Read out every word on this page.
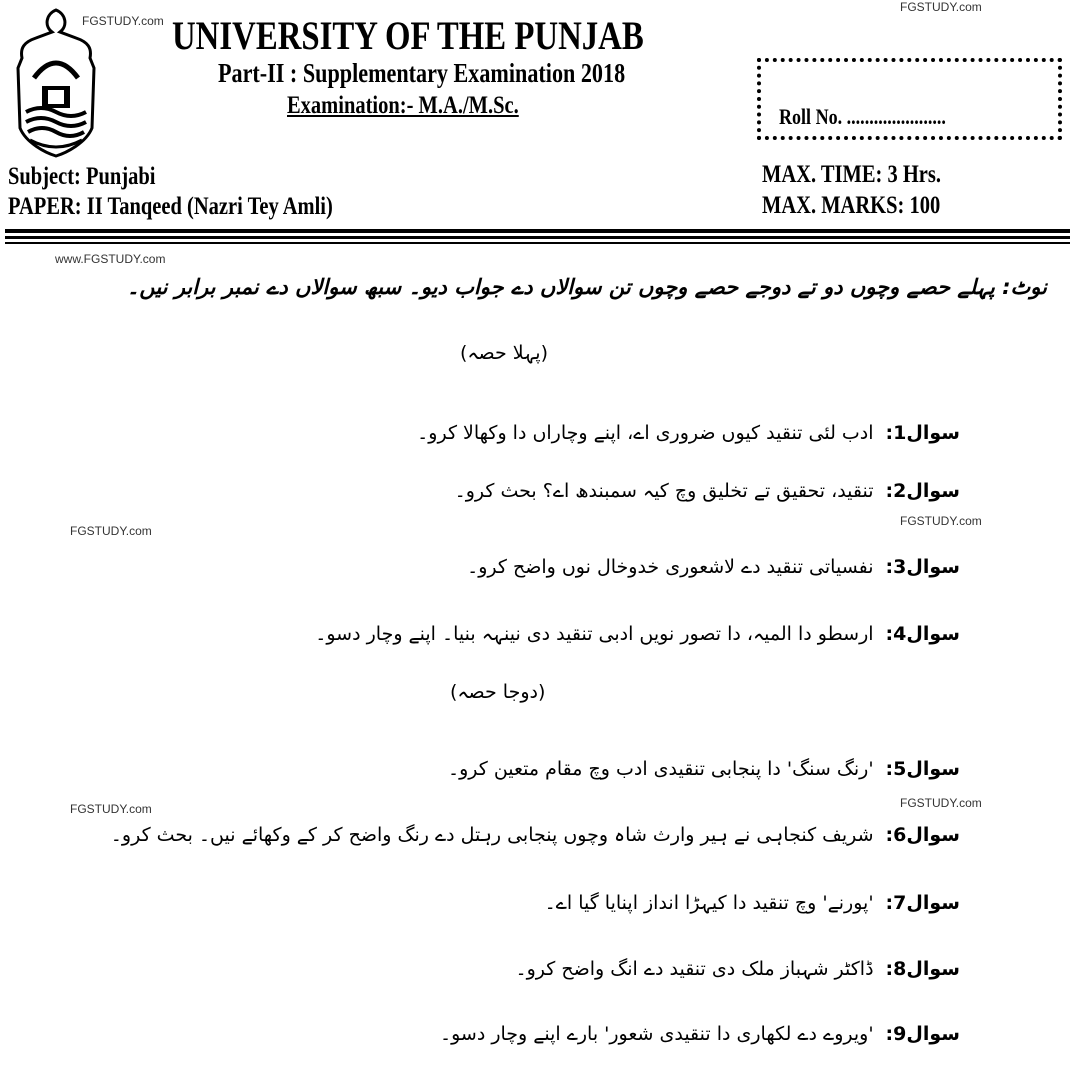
FGSTUDY.com
FGSTUDY.com UNIVERSITY OF THE PUNJAB
Part-II : Supplementary Examination 2018
Examination:- M.A./M.Sc.	Roll No. ......................
Subject: Punjabi
PAPER: II Tanqeed (Nazri Tey Amli)
MAX. TIME: 3 Hrs.
MAX. MARKS: 100
www.FGSTUDY.com
نوٹ: پہلے حصے وچوں دو تے دوجے حصے وچوں تن سوالاں دے جواب دیو۔ سبھ سوالاں دے نمبر برابر نیں۔
(پہلا حصہ)
سوال1:ادب لئی تنقید کیوں ضروری اے، اپنے وچاراں دا وکھالا کرو۔
سوال2:تنقید، تحقیق تے تخلیق وچ کیہ سمبندھ اے؟ بحث کرو۔
FGSTUDY.com
FGSTUDY.com
سوال3:نفسیاتی تنقید دے لاشعوری خدوخال نوں واضح کرو۔
سوال4:ارسطو دا المیہ، دا تصور نویں ادبی تنقید دی نینہہ بنیا۔ اپنے وچار دسو۔
(دوجا حصہ)
سوال5:'رنگ سنگ' دا پنجابی تنقیدی ادب وچ مقام متعین کرو۔
FGSTUDY.com
FGSTUDY.com
سوال6:شریف کنجاہی نے ہیر وارث شاہ وچوں پنجابی رہتل دے رنگ واضح کر کے وکھائے نیں۔ بحث کرو۔
سوال7:'پورنے' وچ تنقید دا کیہڑا انداز اپنایا گیا اے۔
سوال8:ڈاکٹر شہباز ملک دی تنقید دے انگ واضح کرو۔
سوال9:'ویروے دے لکھاری دا تنقیدی شعور' بارے اپنے وچار دسو۔
